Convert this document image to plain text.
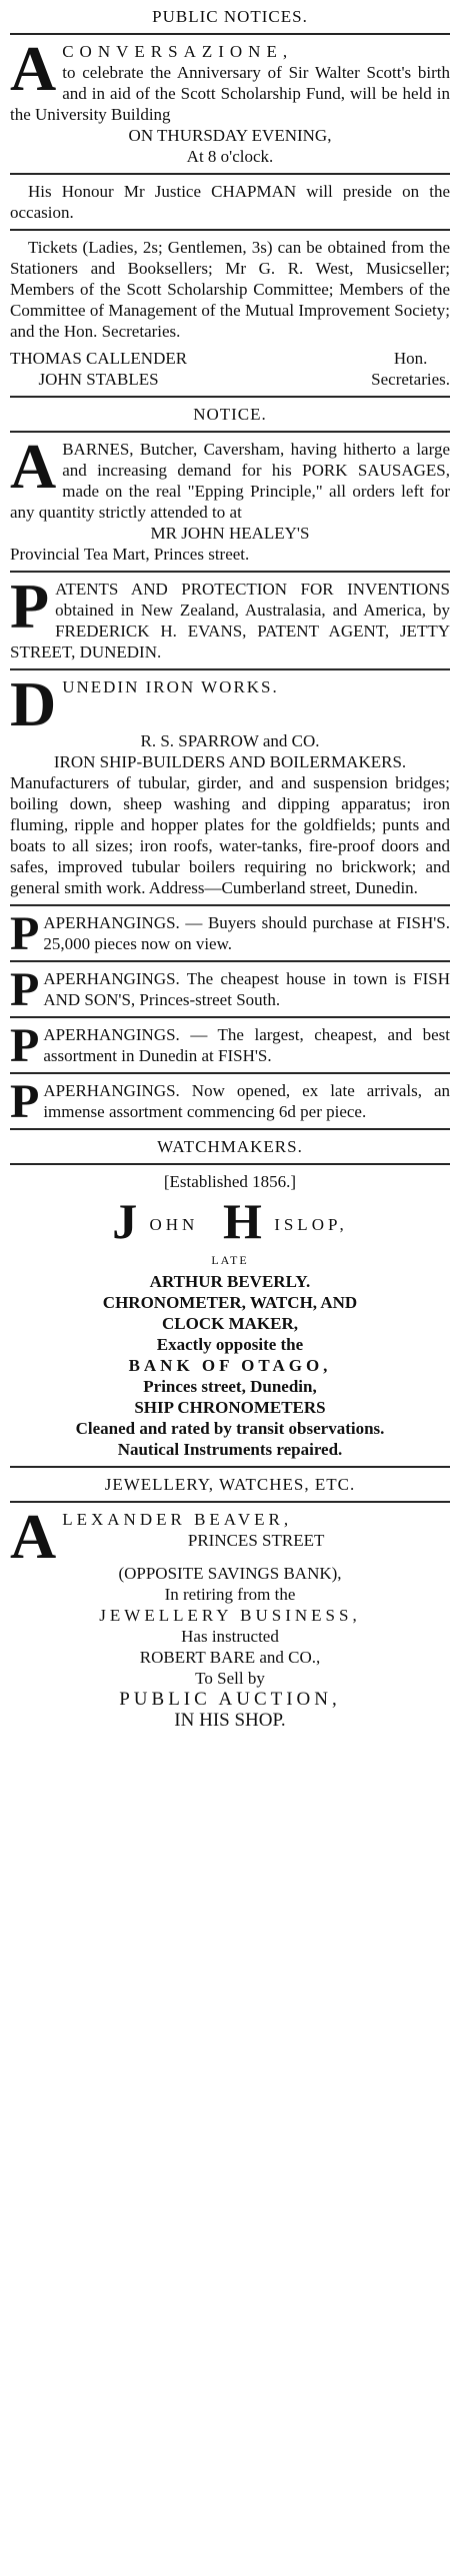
PUBLIC NOTICES.
A CONVERSAZIONE,

to celebrate the Anniversary of Sir Walter Scott's birth and in aid of the Scott Scholarship Fund, will be held in the University Building

ON THURSDAY EVENING,

At 8 o'clock.

His Honour Mr Justice CHAPMAN will preside on the occasion.

Tickets (Ladies, 2s; Gentlemen, 3s) can be obtained from the Stationers and Booksellers; Mr G. R. West, Musicseller; Members of the Scott Scholarship Committee; Members of the Committee of Management of the Mutual Improvement Society; and the Hon. Secretaries.

THOMAS CALLENDER
JOHN STABLES
Hon.
Secretaries.
NOTICE.
A BARNES, Butcher, Caversham, having hitherto a large and increasing demand for his PORK SAUSAGES, made on the real "Epping Principle," all orders left for any quantity strictly attended to at

MR JOHN HEALEY'S

Provincial Tea Mart, Princes street.

P ATENTS AND PROTECTION FOR INVENTIONS obtained in New Zealand, Australasia, and America, by FREDERICK H. EVANS, PATENT AGENT, JETTY STREET, DUNEDIN.

D UNEDIN IRON WORKS.

R. S. SPARROW and CO.

IRON SHIP-BUILDERS AND BOILERMAKERS.

Manufacturers of tubular, girder, and and suspension bridges; boiling down, sheep washing and dipping apparatus; iron fluming, ripple and hopper plates for the goldfields; punts and boats to all sizes; iron roofs, water-tanks, fire-proof doors and safes, improved tubular boilers requiring no brickwork; and general smith work. Address—Cumberland street, Dunedin.

P APERHANGINGS. — Buyers should purchase at FISH'S. 25,000 pieces now on view.

P APERHANGINGS. The cheapest house in town is FISH AND SON'S, Princes-street South.

P APERHANGINGS. — The largest, cheapest, and best assortment in Dunedin at FISH'S.

P APERHANGINGS. Now opened, ex late arrivals, an immense assortment commencing 6d per piece.

WATCHMAKERS.

[Established 1856.]

J OHN H ISLOP,

LATE

ARTHUR BEVERLY.

CHRONOMETER, WATCH, AND

CLOCK MAKER,

Exactly opposite the

BANK OF OTAGO,

Princes street, Dunedin,

SHIP CHRONOMETERS

Cleaned and rated by transit observations.

Nautical Instruments repaired.

JEWELLERY, WATCHES, ETC.
A LEXANDER BEAVER,

PRINCES STREET

(OPPOSITE SAVINGS BANK),

In retiring from the

JEWELLERY BUSINESS,

Has instructed

ROBERT BARE and CO.,

To Sell by

PUBLIC AUCTION,

IN HIS SHOP.
